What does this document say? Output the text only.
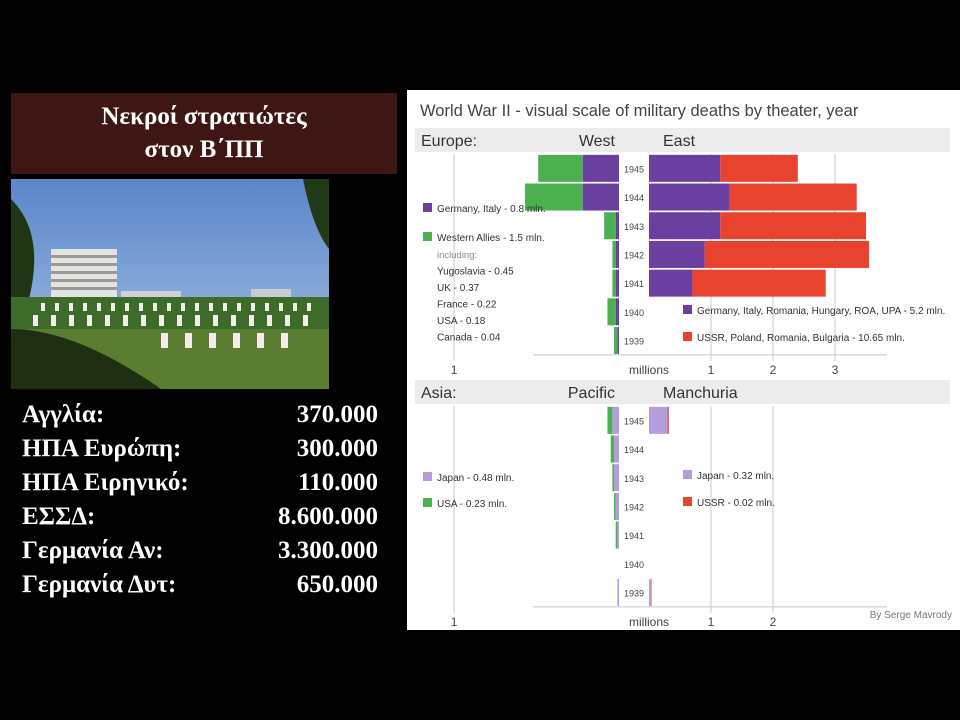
Νεκροί στρατιώτες
στον Β΄ΠΠ
Αγγλία:	370.000
ΗΠΑ Ευρώπη:	300.000
ΗΠΑ Ειρηνικό:	110.000
ΕΣΣΔ:	8.600.000
Γερμανία Αν:	3.300.000
Γερμανία Δυτ:	650.000
World War II - visual scale of military deaths by theater, year
Europe:	West	East
1	1	2	3
millions
1945
1944
1943
1942
1941
1940
1939
Germany, Italy - 0.8 mln.
Western Allies - 1.5 mln.
including:
Yugoslavia - 0.45
UK - 0.37
France - 0.22
USA - 0.18
Canada - 0.04
Germany, Italy, Romania, Hungary, ROA, UPA - 5.2 mln.
USSR, Poland, Romania, Bulgaria - 10.65 mln.
Asia:	Pacific	Manchuria
1	1	2
millions
1945
1944
1943
1942
1941
1940
1939
Japan - 0.48 mln.
USA - 0.23 mln.
Japan - 0.32 mln.
USSR - 0.02 mln.
By Serge Mavrody
